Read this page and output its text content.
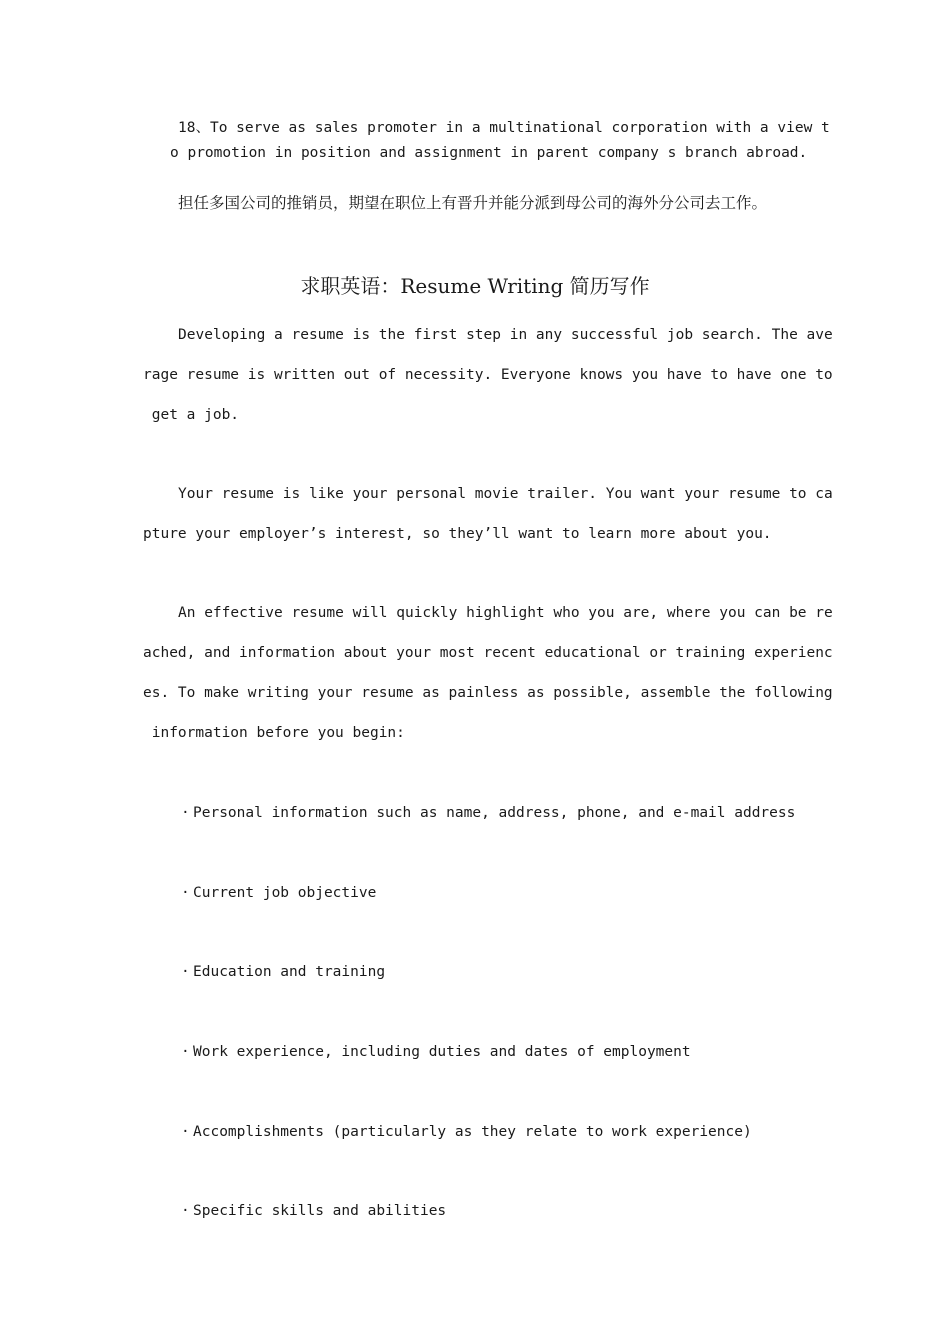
18、To serve as sales promoter in a multinational corporation with a view t
o promotion in position and assignment in parent company s branch abroad.
担任多国公司的推销员，期望在职位上有晋升并能分派到母公司的海外分公司去工作。
求职英语：Resume Writing 简历写作
Developing a resume is the first step in any successful job search. The ave
rage resume is written out of necessity. Everyone knows you have to have one to
get a job.
Your resume is like your personal movie trailer. You want your resume to ca
pture your employer’s interest, so they’ll want to learn more about you.
An effective resume will quickly highlight who you are, where you can be re
ached, and information about your most recent educational or training experienc
es. To make writing your resume as painless as possible, assemble the following
information before you begin:
· Personal information such as name, address, phone, and e-mail address
· Current job objective
· Education and training
· Work experience, including duties and dates of employment
· Accomplishments (particularly as they relate to work experience)
· Specific skills and abilities
